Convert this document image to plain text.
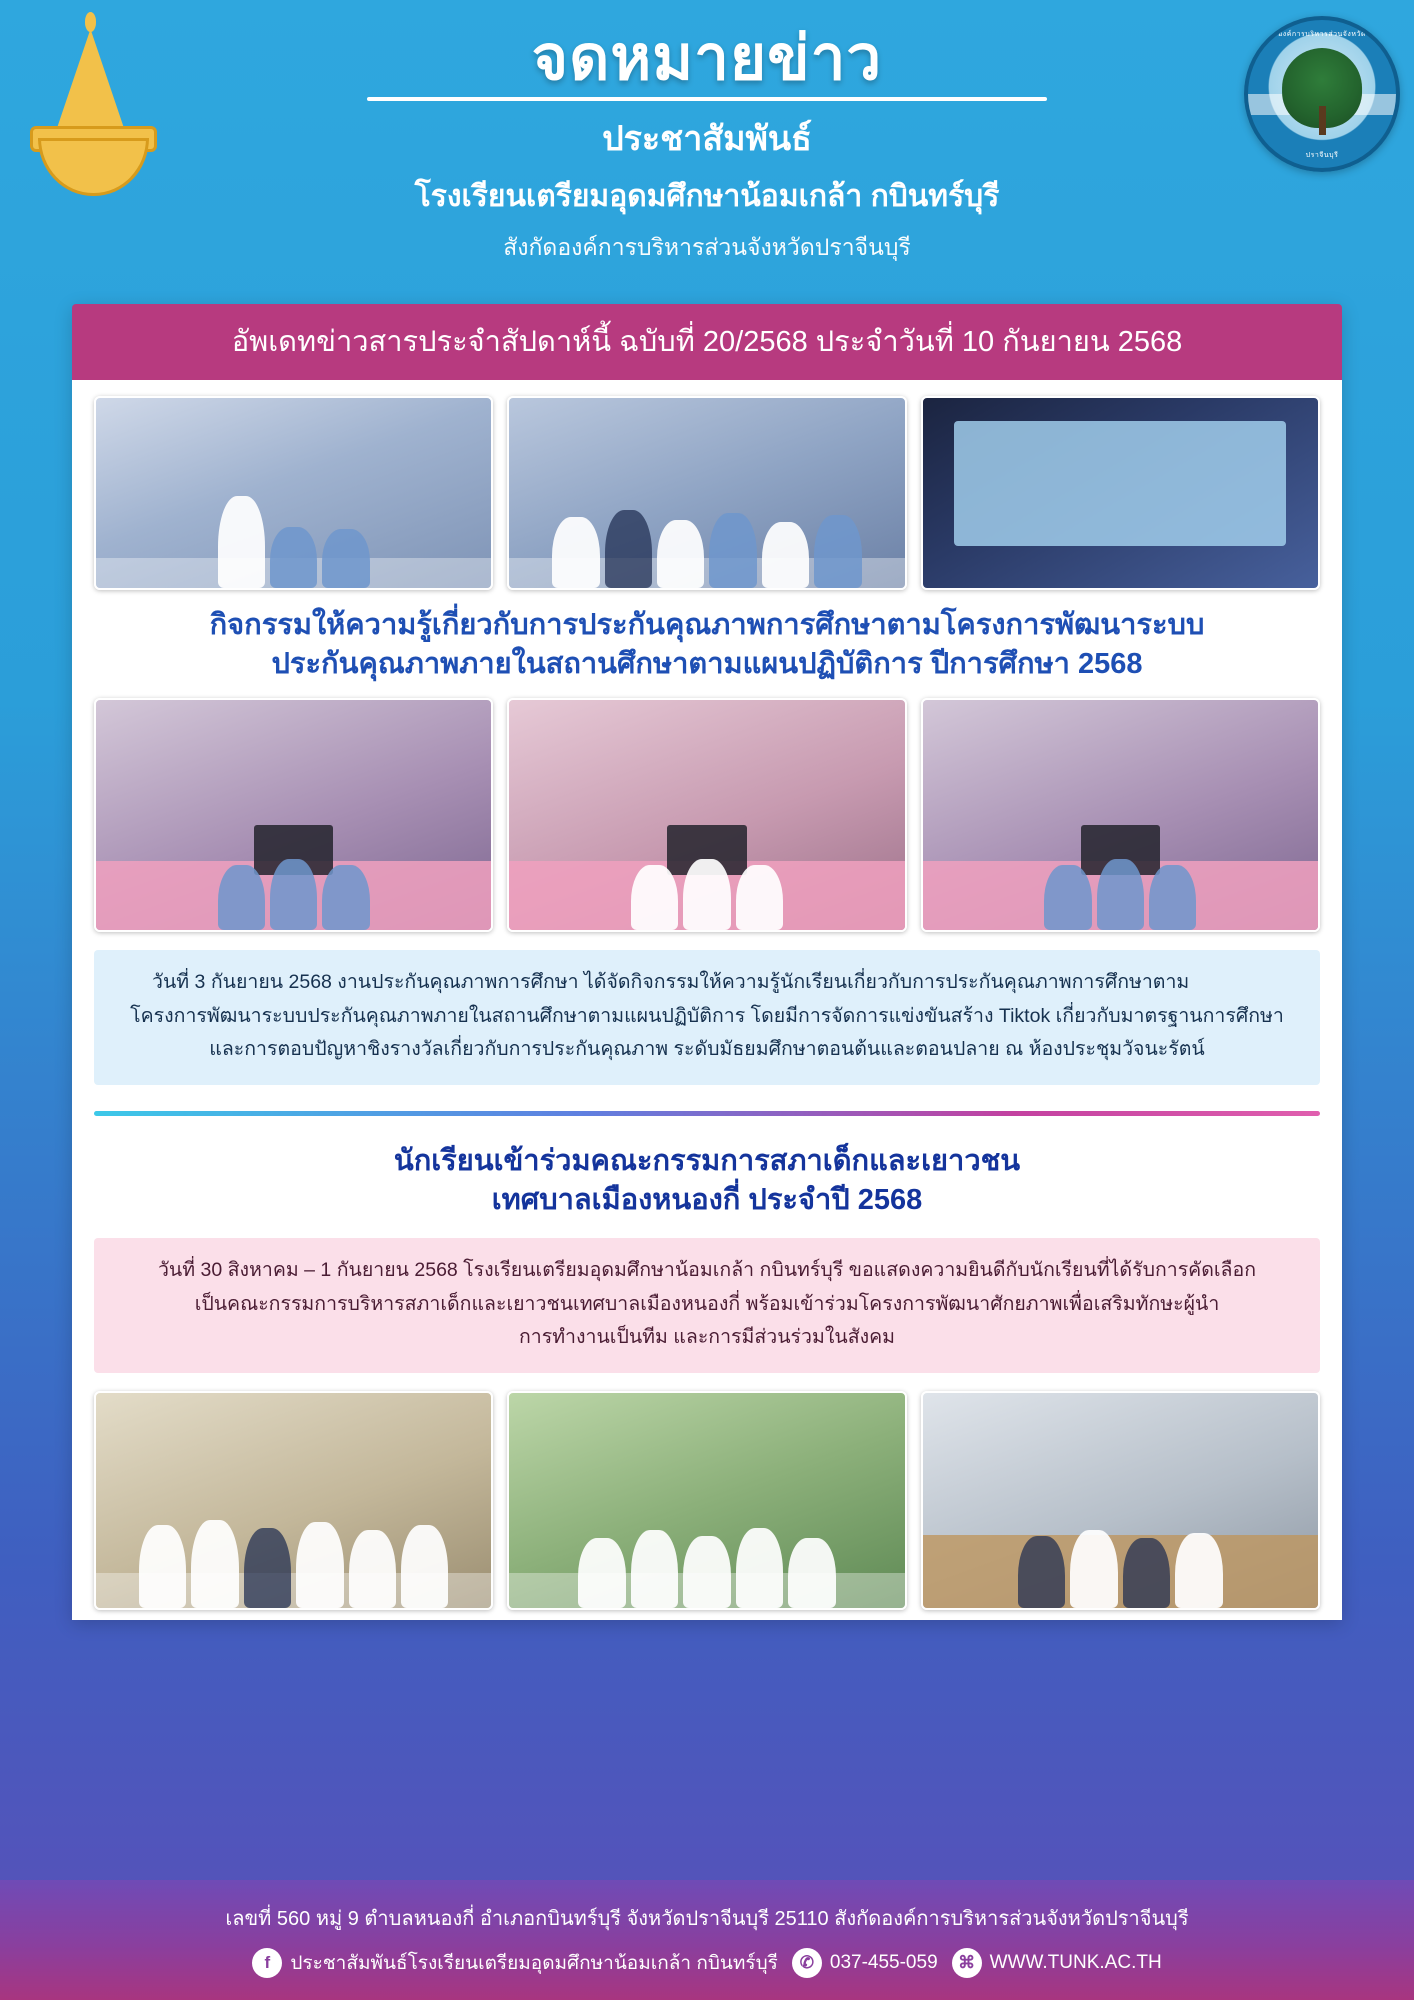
องค์การบริหารส่วนจังหวัด
ปราจีนบุรี
จดหมายข่าว
ประชาสัมพันธ์
โรงเรียนเตรียมอุดมศึกษาน้อมเกล้า กบินทร์บุรี
สังกัดองค์การบริหารส่วนจังหวัดปราจีนบุรี
อัพเดทข่าวสารประจำสัปดาห์นี้ ฉบับที่ 20/2568 ประจำวันที่ 10 กันยายน 2568
กิจกรรมให้ความรู้เกี่ยวกับการประกันคุณภาพการศึกษาตามโครงการพัฒนาระบบ
ประกันคุณภาพภายในสถานศึกษาตามแผนปฏิบัติการ ปีการศึกษา 2568

วันที่ 3 กันยายน 2568 งานประกันคุณภาพการศึกษา ได้จัดกิจกรรมให้ความรู้นักเรียนเกี่ยวกับการประกันคุณภาพการศึกษาตาม

โครงการพัฒนาระบบประกันคุณภาพภายในสถานศึกษาตามแผนปฏิบัติการ โดยมีการจัดการแข่งขันสร้าง Tiktok เกี่ยวกับมาตรฐานการศึกษา

และการตอบปัญหาชิงรางวัลเกี่ยวกับการประกันคุณภาพ ระดับมัธยมศึกษาตอนต้นและตอนปลาย ณ ห้องประชุมวัจนะรัตน์

นักเรียนเข้าร่วมคณะกรรมการสภาเด็กและเยาวชน
เทศบาลเมืองหนองกี่ ประจำปี 2568

วันที่ 30 สิงหาคม – 1 กันยายน 2568 โรงเรียนเตรียมอุดมศึกษาน้อมเกล้า กบินทร์บุรี ขอแสดงความยินดีกับนักเรียนที่ได้รับการคัดเลือก

เป็นคณะกรรมการบริหารสภาเด็กและเยาวชนเทศบาลเมืองหนองกี่ พร้อมเข้าร่วมโครงการพัฒนาศักยภาพเพื่อเสริมทักษะผู้นำ

การทำงานเป็นทีม และการมีส่วนร่วมในสังคม

เลขที่ 560 หมู่ 9 ตำบลหนองกี่ อำเภอกบินทร์บุรี จังหวัดปราจีนบุรี 25110 สังกัดองค์การบริหารส่วนจังหวัดปราจีนบุรี
f	ประชาสัมพันธ์โรงเรียนเตรียมอุดมศึกษาน้อมเกล้า กบินทร์บุรี	✆ 037-455-059	⌘ WWW.TUNK.AC.TH
